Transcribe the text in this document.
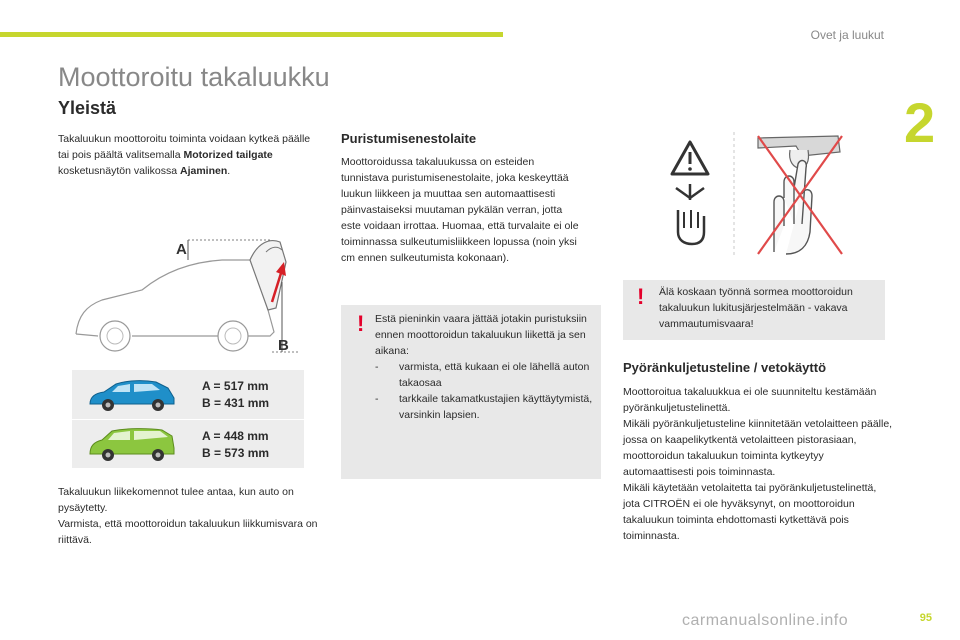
Ovet ja luukut
2
Moottoroitu takaluukku
Yleistä

Takaluukun moottoroitu toiminta voidaan kytkeä päälle tai pois päältä valitsemalla Motorized tailgate kosketusnäytön valikossa Ajaminen.

A
B
A = 517 mm
B = 431 mm
A = 448 mm
B = 573 mm

Takaluukun liikekomennot tulee antaa, kun auto on pysäytetty.

Varmista, että moottoroidun takaluukun liikkumisvara on riittävä.

Puristumisenestolaite

Moottoroidussa takaluukussa on esteiden tunnistava puristumisenestolaite, joka keskeyttää luukun liikkeen ja muuttaa sen automaattisesti päinvastaiseksi muutaman pykälän verran, jotta este voidaan irrottaa. Huomaa, että turvalaite ei ole toiminnassa sulkeutumisliikkeen lopussa (noin yksi cm ennen sulkeutumista kokonaan).

! Estä pieninkin vaara jättää jotakin puristuksiin ennen moottoroidun takaluukun liikettä ja sen aikana:

- varmista, että kukaan ei ole lähellä auton takaosaa
- tarkkaile takamatkustajien käyttäytymistä, varsinkin lapsien.
! Älä koskaan työnnä sormea moottoroidun takaluukun lukitusjärjestelmään - vakava vammautumisvaara!

Pyöränkuljetusteline / vetokäyttö

Moottoroitua takaluukkua ei ole suunniteltu kestämään pyöränkuljetustelinettä.

Mikäli pyöränkuljetusteline kiinnitetään vetolaitteen päälle, jossa on kaapelikytkentä vetolaitteen pistorasiaan, moottoroidun takaluukun toiminta kytkeytyy automaattisesti pois toiminnasta.

Mikäli käytetään vetolaitetta tai pyöränkuljetustelinettä, jota CITROËN ei ole hyväksynyt, on moottoroidun takaluukun toiminta ehdottomasti kytkettävä pois toiminnasta.

carmanualsonline.info	95
